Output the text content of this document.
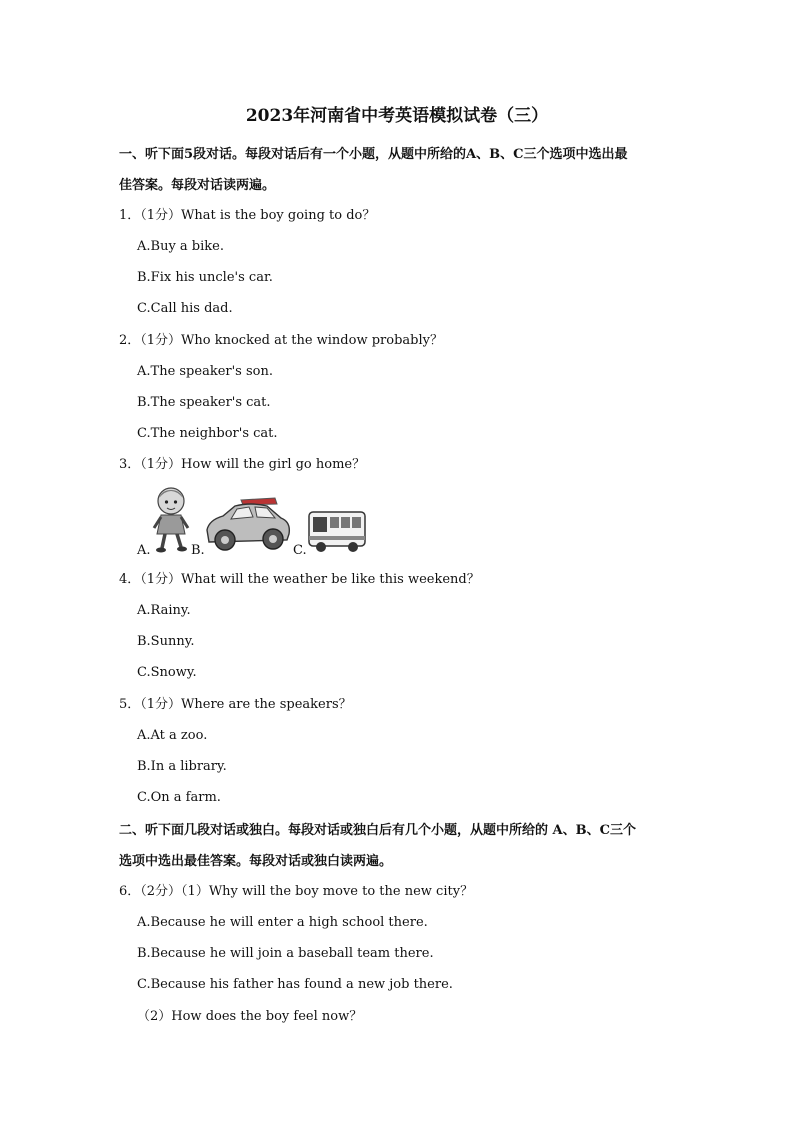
2023年河南省中考英语模拟试卷（三）
一、听下面5段对话。每段对话后有一个小题，从题中所给的A、B、C三个选项中选出最
佳答案。每段对话读两遍。
1．（1分）What is the boy going to do？
A.Buy a bike.
B.Fix his uncle's car.
C.Call his dad.
2．（1分）Who knocked at the window probably？
A.The speaker's son.
B.The speaker's cat.
C.The neighbor's cat.
3．（1分）How will the girl go home？
A.	B.	C.
4．（1分）What will the weather be like this weekend？
A.Rainy.
B.Sunny.
C.Snowy.
5．（1分）Where are the speakers？
A.At a zoo.
B.In a library.
C.On a farm.
二、听下面几段对话或独白。每段对话或独白后有几个小题，从题中所给的 A、B、C三个
选项中选出最佳答案。每段对话或独白读两遍。
6．（2分）（1）Why will the boy move to the new city？
A.Because he will enter a high school there.
B.Because he will join a baseball team there.
C.Because his father has found a new job there.
（2）How does the boy feel now？
